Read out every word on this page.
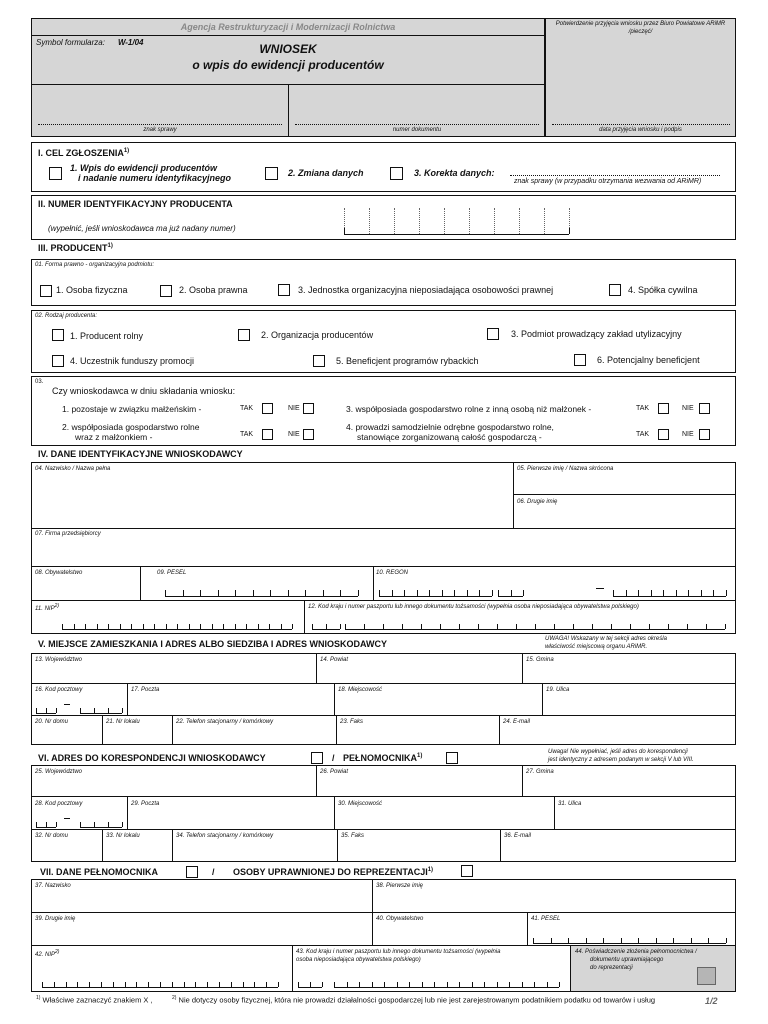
Agencja Restrukturyzacji i Modernizacji Rolnictwa
Symbol formularza: W-1/04	WNIOSEK
o wpis do ewidencji producentów
znak sprawy	numer dokumentu
Potwierdzenie przyjęcia wniosku przez Biuro Powiatowe ARiMR /pieczęć/
data przyjęcia wniosku i podpis
I. CEL ZGŁOSZENIA$^{1)}$
1. Wpis do ewidencji producentów
i nadanie numeru identyfikacyjnego	2. Zmiana danych	3. Korekta danych:
znak sprawy (w przypadku otrzymania wezwania od ARiMR)
II. NUMER IDENTYFIKACYJNY PRODUCENTA
(wypełnić, jeśli wnioskodawca ma już nadany numer)
III. PRODUCENT$^{1)}$
01. Forma prawno - organizacyjna podmiotu:
1. Osoba fizyczna	2. Osoba prawna	3. Jednostka organizacyjna nieposiadająca osobowości prawnej	4. Spółka cywilna
02. Rodzaj producenta:
1. Producent rolny	2. Organizacja producentów	3. Podmiot prowadzący zakład utylizacyjny
4. Uczestnik funduszy promocji	5. Beneficjent programów rybackich	6. Potencjalny beneficjent
03.
Czy wnioskodawca w dniu składania wniosku:
1. pozostaje w związku małżeńskim -	TAK	NIE
2. współposiada gospodarstwo rolne
wraz z małżonkiem -	TAK	NIE
3. współposiada gospodarstwo rolne z inną osobą niż małżonek -	TAK	NIE
4. prowadzi samodzielnie odrębne gospodarstwo rolne,
stanowiące zorganizowaną całość gospodarczą -	TAK	NIE
IV. DANE IDENTYFIKACYJNE WNIOSKODAWCY
04. Nazwisko / Nazwa pełna	05. Pierwsze imię / Nazwa skrócona
06. Drugie imię
07. Firma przedsiębiorcy
08. Obywatelstwo	09. PESEL	10. REGON
11. NIP$^{2)}$	12. Kod kraju i numer paszportu lub innego dokumentu tożsamości (wypełnia osoba nieposiadająca obywatelstwa polskiego)
V. MIEJSCE ZAMIESZKANIA I ADRES ALBO SIEDZIBA I ADRES WNIOSKODAWCY	UWAGA! Wskazany w tej sekcji adres określa
właściwość miejscową organu ARiMR.
13. Województwo	14. Powiat	15. Gmina
16. Kod pocztowy	17. Poczta	18. Miejscowość	19. Ulica
20. Nr domu	21. Nr lokalu	22. Telefon stacjonarny / komórkowy	23. Faks	24. E-mail
VI. ADRES DO KORESPONDENCJI WNIOSKODAWCY	/ PEŁNOMOCNIKA$^{1)}$
Uwaga! Nie wypełniać, jeśli adres do korespondencji
jest identyczny z adresem podanym w sekcji V lub VIII.
25. Województwo	26. Powiat	27. Gmina
28. Kod pocztowy	29. Poczta	30. Miejscowość	31. Ulica
32. Nr domu	33. Nr lokalu	34. Telefon stacjonarny / komórkowy	35. Faks	36. E-mail
VII. DANE PEŁNOMOCNIKA	/ OSOBY UPRAWNIONEJ DO REPREZENTACJI$^{1)}$
37. Nazwisko	38. Pierwsze imię
39. Drugie imię	40. Obywatelstwo	41. PESEL
42. NIP$^{2)}$	43. Kod kraju i numer paszportu lub innego dokumentu tożsamości (wypełnia
osoba nieposiadająca obywatelstwa polskiego)
44. Poświadczenie złożenia pełnomocnictwa /
dokumentu uprawniającego
do reprezentacji
$^{1)}$ Właściwe zaznaczyć znakiem X ,	$^{2)}$ Nie dotyczy osoby fizycznej, która nie prowadzi działalności gospodarczej lub nie jest zarejestrowanym podatnikiem podatku od towarów i usług	1/2
